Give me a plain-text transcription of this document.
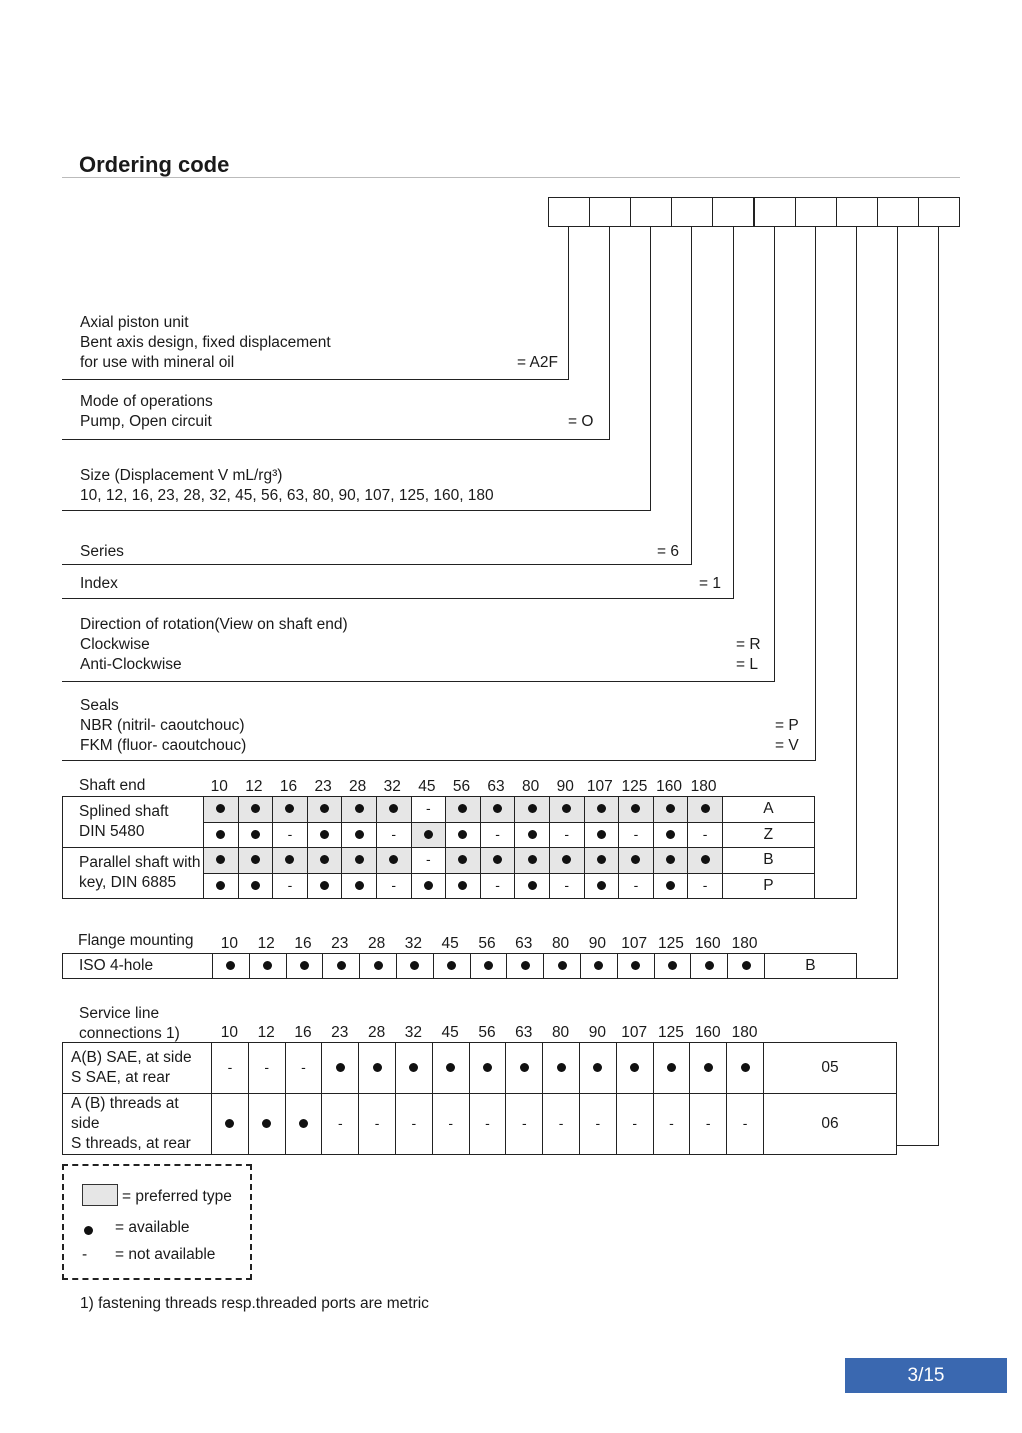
Ordering code
Axial piston unit
Bent axis design, fixed displacement
for use with mineral oil	= A2F
Mode of operations
Pump, Open circuit	= O
Size (Displacement V mL/rg³)
10, 12, 16, 23, 28, 32, 45, 56, 63, 80, 90, 107, 125, 160, 180
Series	= 6
Index	= 1
Direction of rotation(View on shaft end)
Clockwise	= R
Anti-Clockwise	= L
Seals
NBR (nitril- caoutchouc)	= P
FKM (fluor- caoutchouc)	= V
Shaft end	10	12	16	23	28	32	45	56	63	80	90 107 125 160 180
Splined shaft
DIN 5480							-									A
			-			-			-		-		-		-	Z

Parallel shaft with
key, DIN 6885							-									B
			-			-			-		-		-		-	P
Flange mounting	10	12	16	23	28	32	45	56	63	80	90 107 125 160 180
ISO 4-hole																B
Service line
connections 1)	10	12	16	23	28	32	45	56	63	80	90 107 125 160 180
A(B) SAE, at side
S SAE, at rear	-	-	-													05

A (B) threads at side
S threads, at rear				-	-	-	-	-	-	-	-	-	-	-	-	06
= preferred type
= available
- = not available
1) fastening threads resp.threaded ports are metric
3/15
